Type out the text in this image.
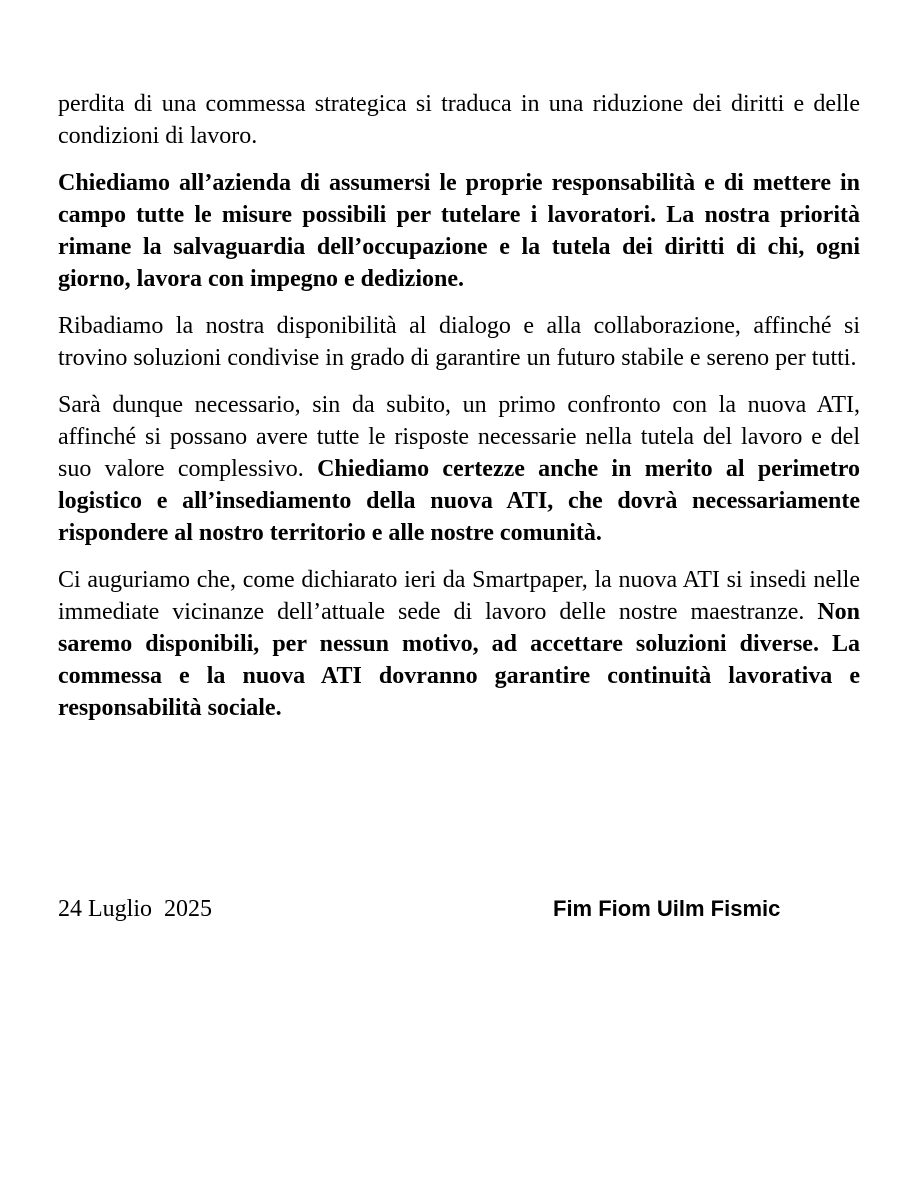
perdita di una commessa strategica si traduca in una riduzione dei diritti e delle condizioni di lavoro.

Chiediamo all’azienda di assumersi le proprie responsabilità e di mettere in campo tutte le misure possibili per tutelare i lavoratori. La nostra priorità rimane la salvaguardia dell’occupazione e la tutela dei diritti di chi, ogni giorno, lavora con impegno e dedizione.

Ribadiamo la nostra disponibilità al dialogo e alla collaborazione, affinché si trovino soluzioni condivise in grado di garantire un futuro stabile e sereno per tutti.

Sarà dunque necessario, sin da subito, un primo confronto con la nuova ATI, affinché si possano avere tutte le risposte necessarie nella tutela del lavoro e del suo valore complessivo. Chiediamo certezze anche in merito al perimetro logistico e all’insediamento della nuova ATI, che dovrà necessariamente rispondere al nostro territorio e alle nostre comunità.

Ci auguriamo che, come dichiarato ieri da Smartpaper, la nuova ATI si insedi nelle immediate vicinanze dell’attuale sede di lavoro delle nostre maestranze. Non saremo disponibili, per nessun motivo, ad accettare soluzioni diverse. La commessa e la nuova ATI dovranno garantire continuità lavorativa e responsabilità sociale.

24 Luglio  2025	Fim Fiom Uilm Fismic
